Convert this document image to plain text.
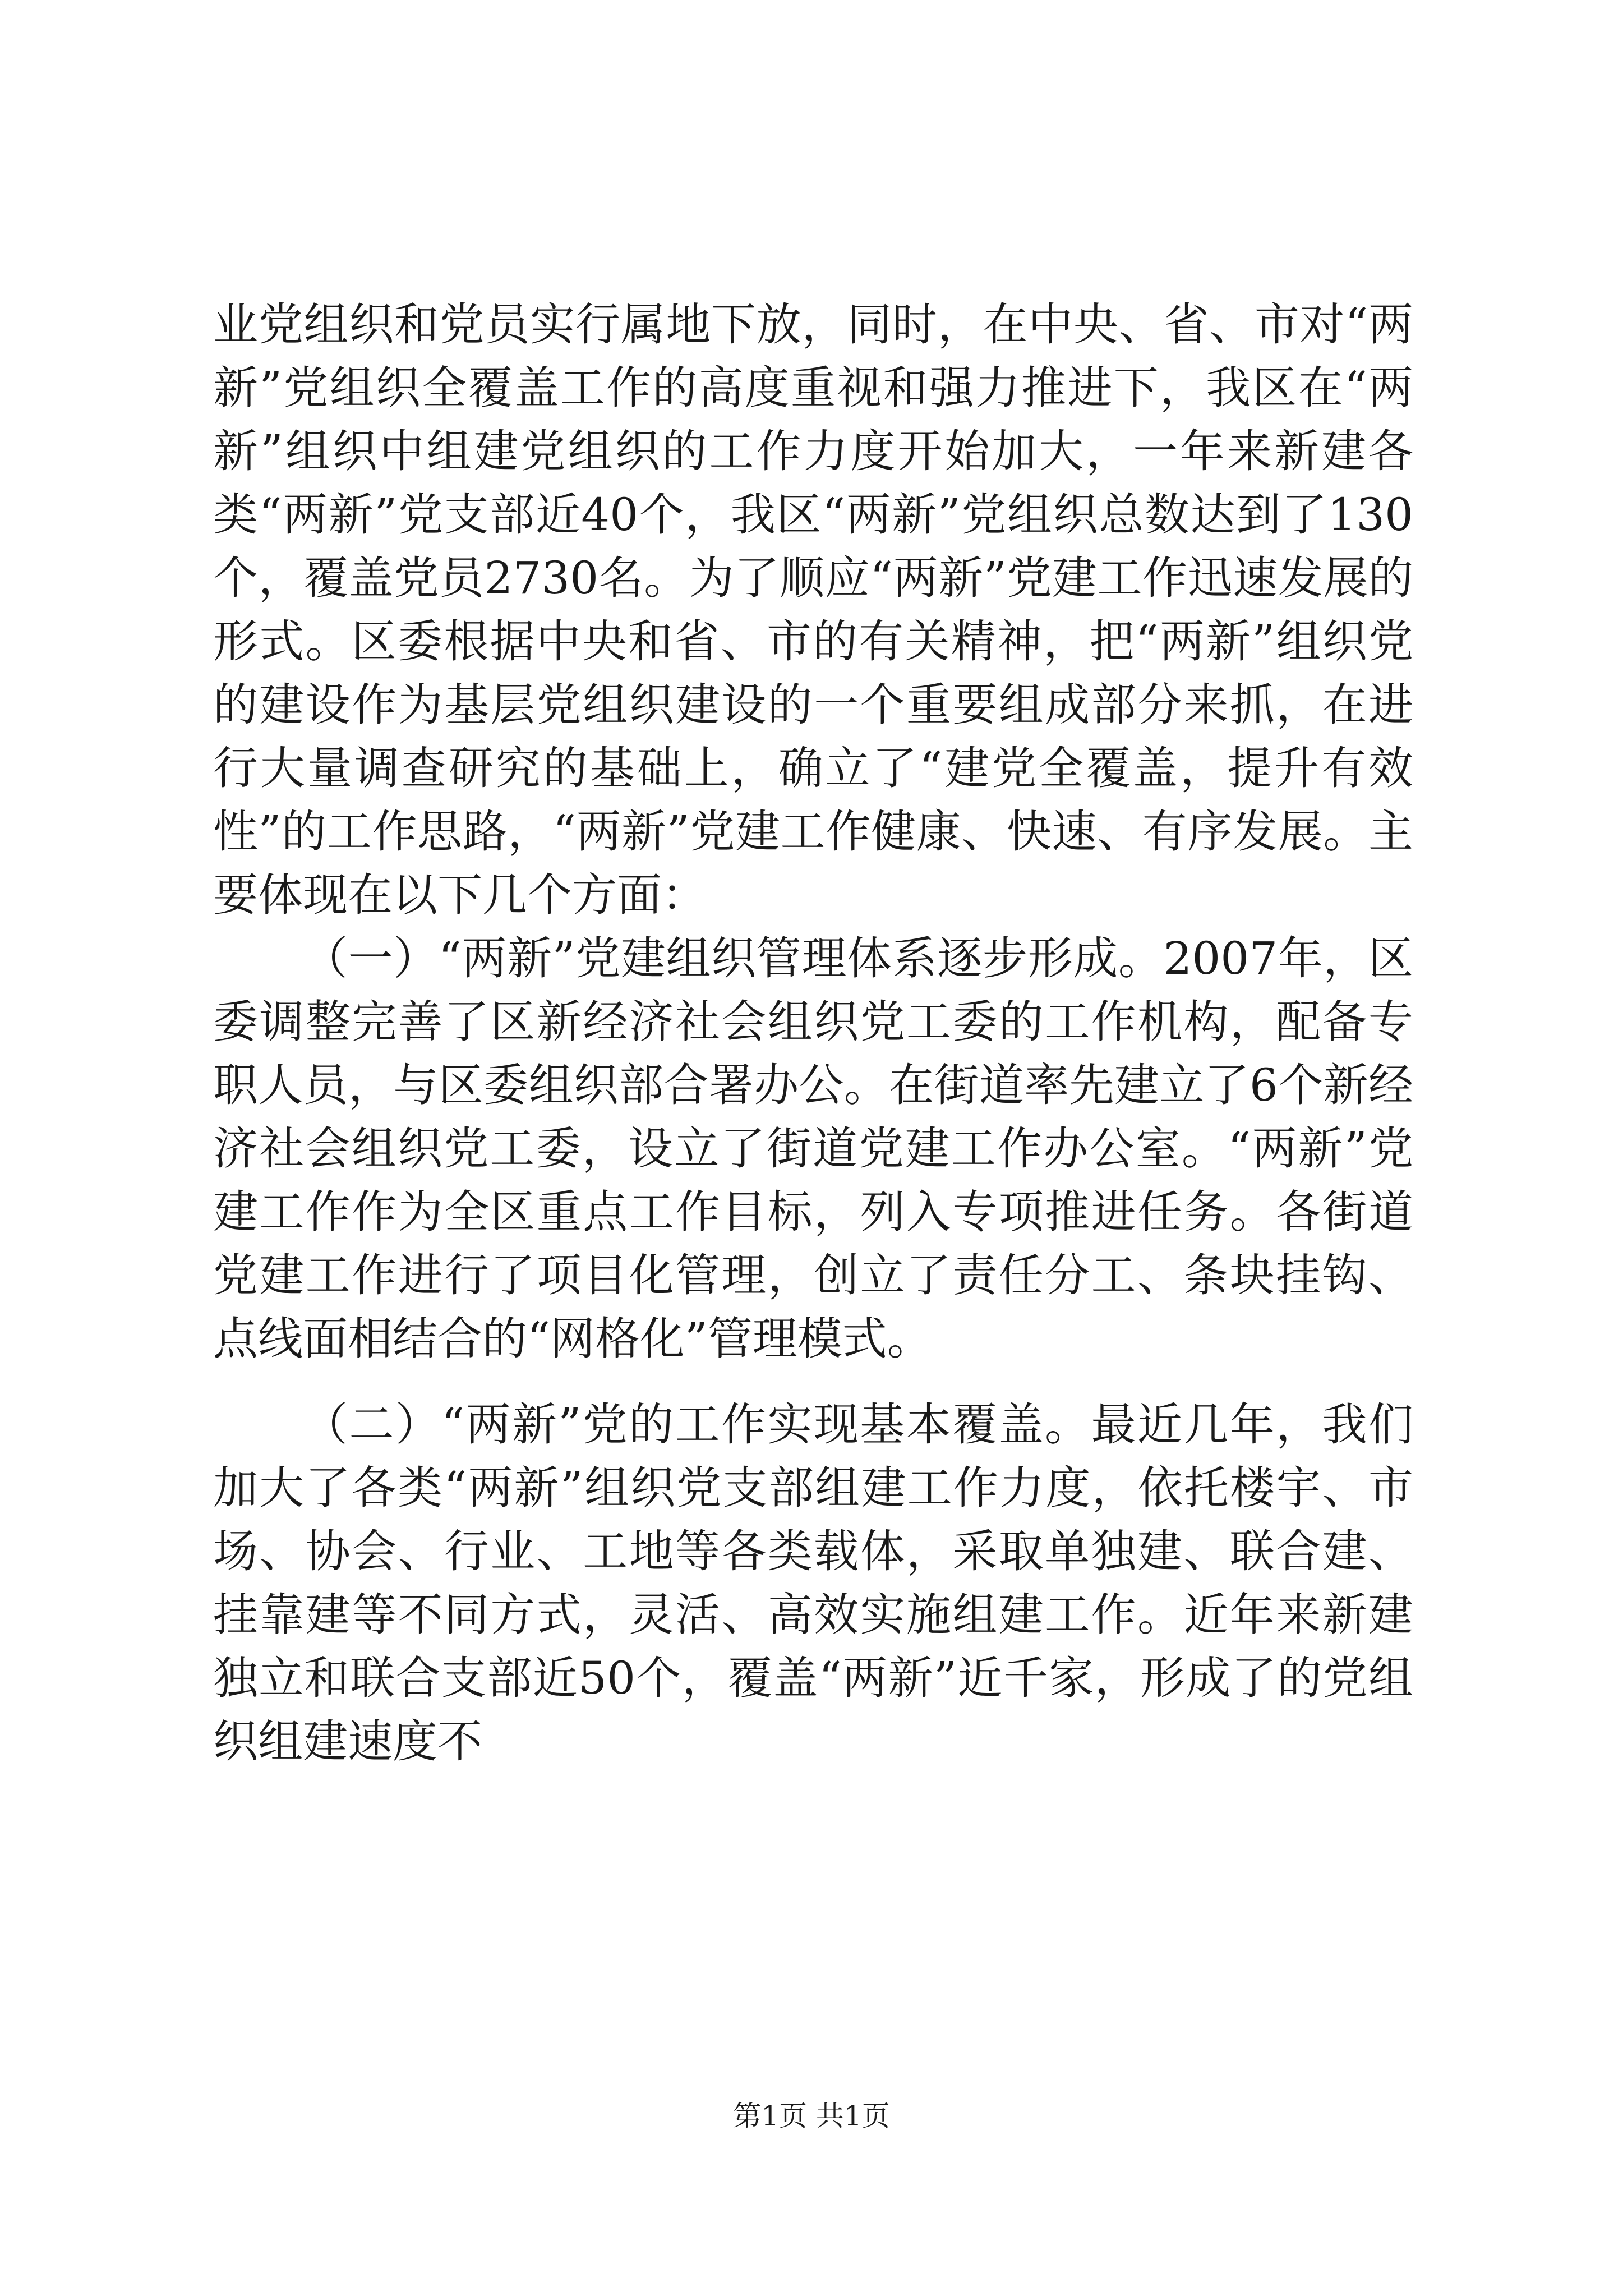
业党组织和党员实行属地下放，同时，在中央、省、市对“两新”党组织全覆盖工作的高度重视和强力推进下，我区在“两新”组织中组建党组织的工作力度开始加大，一年来新建各类“两新”党支部近40个，我区“两新”党组织总数达到了130个，覆盖党员2730名。为了顺应“两新”党建工作迅速发展的形式。区委根据中央和省、市的有关精神，把“两新”组织党的建设作为基层党组织建设的一个重要组成部分来抓，在进行大量调查研究的基础上，确立了“建党全覆盖，提升有效性”的工作思路，“两新”党建工作健康、快速、有序发展。主要体现在以下几个方面：

（一）“两新”党建组织管理体系逐步形成。2007年，区委调整完善了区新经济社会组织党工委的工作机构，配备专职人员，与区委组织部合署办公。在街道率先建立了6个新经济社会组织党工委，设立了街道党建工作办公室。“两新”党建工作作为全区重点工作目标，列入专项推进任务。各街道党建工作进行了项目化管理，创立了责任分工、条块挂钩、点线面相结合的“网格化”管理模式。

（二）“两新”党的工作实现基本覆盖。最近几年，我们加大了各类“两新”组织党支部组建工作力度，依托楼宇、市场、协会、行业、工地等各类载体，采取单独建、联合建、挂靠建等不同方式，灵活、高效实施组建工作。近年来新建独立和联合支部近50个，覆盖“两新”近千家，形成了的党组织组建速度不

第1页 共1页
